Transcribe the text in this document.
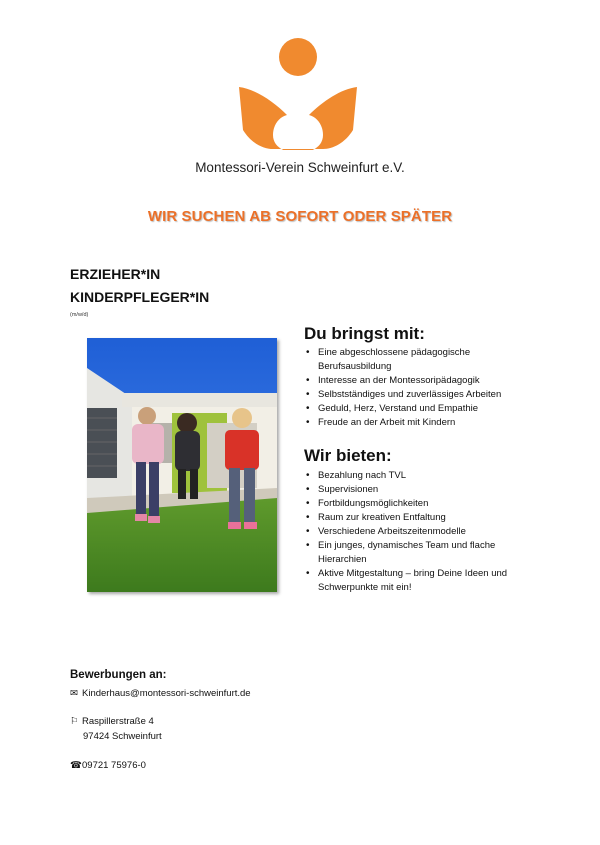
Montessori-Verein Schweinfurt e.V.
WIR SUCHEN AB SOFORT ODER SPÄTER
ERZIEHER*IN
KINDERPFLEGER*IN
(m/w/d)
Du bringst mit:
• Eine abgeschlossene pädagogische Berufsausbildung
• Interesse an der Montessoripädagogik
• Selbstständiges und zuverlässiges Arbeiten
• Geduld, Herz, Verstand und Empathie
• Freude an der Arbeit mit Kindern
Wir bieten:
• Bezahlung nach TVL
• Supervisionen
• Fortbildungsmöglichkeiten
• Raum zur kreativen Entfaltung
• Verschiedene Arbeitszeitenmodelle
• Ein junges, dynamisches Team und flache Hierarchien
• Aktive Mitgestaltung – bring Deine Ideen und Schwerpunkte mit ein!
Bewerbungen an:
✉ Kinderhaus@montessori-schweinfurt.de
⚐ Raspillerstraße 4
97424 Schweinfurt
☎09721 75976-0
